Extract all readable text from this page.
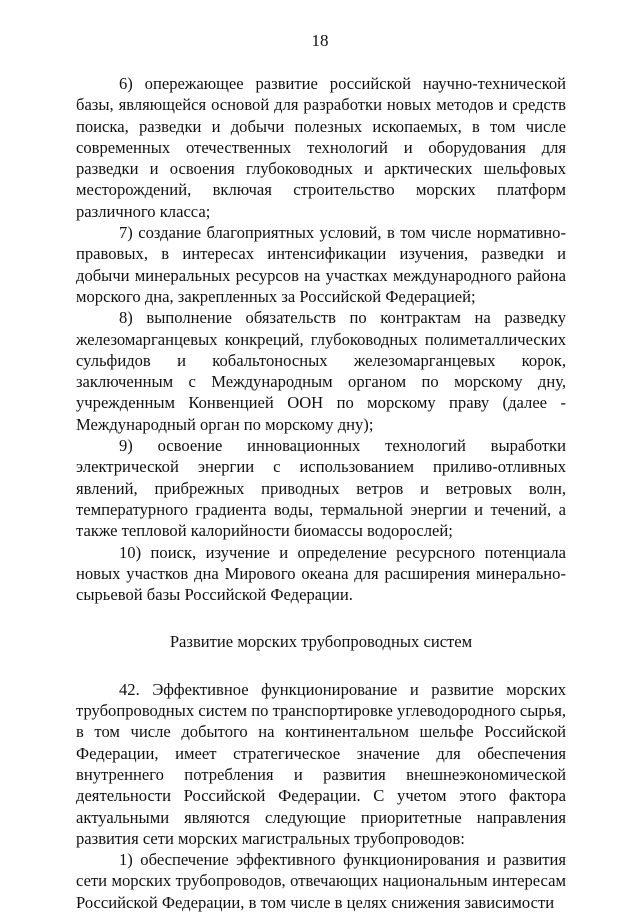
18

6) опережающее развитие российской научно-технической базы, являющейся основой для разработки новых методов и средств поиска, разведки и добычи полезных ископаемых, в том числе современных отечественных технологий и оборудования для разведки и освоения глубоководных и арктических шельфовых месторождений, включая строительство морских платформ различного класса;

7) создание благоприятных условий, в том числе нормативно-правовых, в интересах интенсификации изучения, разведки и добычи минеральных ресурсов на участках международного района морского дна, закрепленных за Российской Федерацией;

8) выполнение обязательств по контрактам на разведку железомарганцевых конкреций, глубоководных полиметаллических сульфидов и кобальтоносных железомарганцевых корок, заключенным с Международным органом по морскому дну, учрежденным Конвенцией ООН по морскому праву (далее - Международный орган по морскому дну);

9) освоение инновационных технологий выработки электрической энергии с использованием приливо-отливных явлений, прибрежных приводных ветров и ветровых волн, температурного градиента воды, термальной энергии и течений, а также тепловой калорийности биомассы водорослей;

10) поиск, изучение и определение ресурсного потенциала новых участков дна Мирового океана для расширения минерально-сырьевой базы Российской Федерации.

Развитие морских трубопроводных систем

42. Эффективное функционирование и развитие морских трубопроводных систем по транспортировке углеводородного сырья, в том числе добытого на континентальном шельфе Российской Федерации, имеет стратегическое значение для обеспечения внутреннего потребления и развития внешнеэкономической деятельности Российской Федерации. С учетом этого фактора актуальными являются следующие приоритетные направления развития сети морских магистральных трубопроводов:

1) обеспечение эффективного функционирования и развития сети морских трубопроводов, отвечающих национальным интересам Российской Федерации, в том числе в целях снижения зависимости
